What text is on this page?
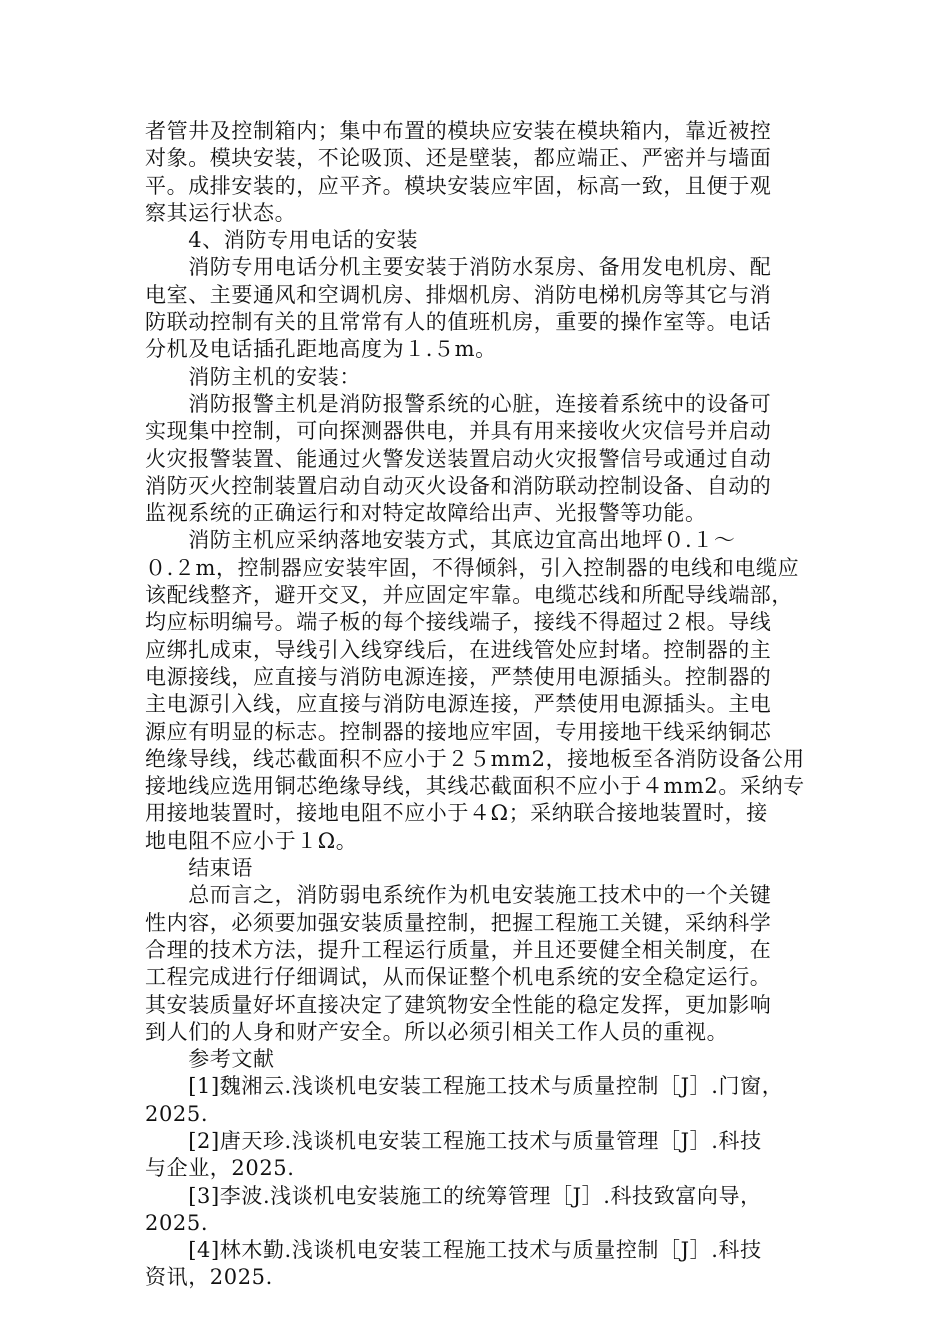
者管井及控制箱内；集中布置的模块应安装在模块箱内，靠近被控
对象。模块安装，不论吸顶、还是壁装，都应端正、严密并与墙面
平。成排安装的，应平齐。模块安装应牢固，标高一致，且便于观
察其运行状态。
　　4、消防专用电话的安装
　　消防专用电话分机主要安装于消防水泵房、备用发电机房、配
电室、主要通风和空调机房、排烟机房、消防电梯机房等其它与消
防联动控制有关的且常常有人的值班机房，重要的操作室等。电话
分机及电话插孔距地高度为１.５m。
　　消防主机的安装：
　　消防报警主机是消防报警系统的心脏，连接着系统中的设备可
实现集中控制，可向探测器供电，并具有用来接收火灾信号并启动
火灾报警装置、能通过火警发送装置启动火灾报警信号或通过自动
消防灭火控制装置启动自动灭火设备和消防联动控制设备、自动的
监视系统的正确运行和对特定故障给出声、光报警等功能。
　　消防主机应采纳落地安装方式，其底边宜高出地坪０.１～
０.２m，控制器应安装牢固，不得倾斜，引入控制器的电线和电缆应
该配线整齐，避开交叉，并应固定牢靠。电缆芯线和所配导线端部，
均应标明编号。端子板的每个接线端子，接线不得超过２根。导线
应绑扎成束，导线引入线穿线后，在进线管处应封堵。控制器的主
电源接线，应直接与消防电源连接，严禁使用电源插头。控制器的
主电源引入线，应直接与消防电源连接，严禁使用电源插头。主电
源应有明显的标志。控制器的接地应牢固，专用接地干线采纳铜芯
绝缘导线，线芯截面积不应小于２５mm2，接地板至各消防设备公用
接地线应选用铜芯绝缘导线，其线芯截面积不应小于４mm2。采纳专
用接地装置时，接地电阻不应小于４Ω；采纳联合接地装置时，接
地电阻不应小于１Ω。
　　结束语
　　总而言之，消防弱电系统作为机电安装施工技术中的一个关键
性内容，必须要加强安装质量控制，把握工程施工关键，采纳科学
合理的技术方法，提升工程运行质量，并且还要健全相关制度，在
工程完成进行仔细调试，从而保证整个机电系统的安全稳定运行。
其安装质量好坏直接决定了建筑物安全性能的稳定发挥，更加影响
到人们的人身和财产安全。所以必须引相关工作人员的重视。
　　参考文献
　　[1]魏湘云.浅谈机电安装工程施工技术与质量控制［J］.门窗，
2025.
　　[2]唐天珍.浅谈机电安装工程施工技术与质量管理［J］.科技
与企业，2025.
　　[3]李波.浅谈机电安装施工的统筹管理［J］.科技致富向导，
2025.
　　[4]林木勤.浅谈机电安装工程施工技术与质量控制［J］.科技
资讯，2025.
